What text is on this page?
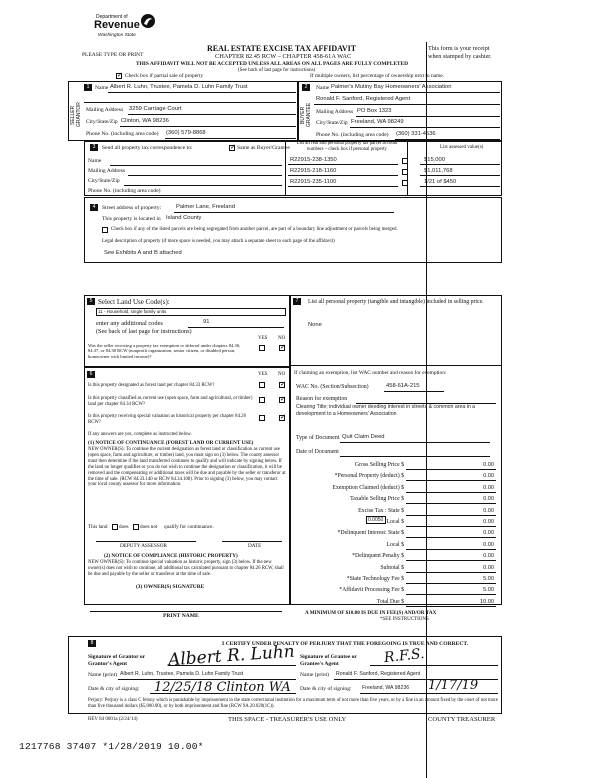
Department of
Revenue
Washington State
PLEASE TYPE OR PRINT
REAL ESTATE EXCISE TAX AFFIDAVIT
CHAPTER 82.45 RCW – CHAPTER 458-61A WAC
THIS AFFIDAVIT WILL NOT BE ACCEPTED UNLESS ALL AREAS ON ALL PAGES ARE FULLY COMPLETED
(See back of last page for instructions)
This form is your receipt
when stamped by cashier.
✓
Check box if partial sale of property	If multiple owners, list percentage of ownership next to name.
1	2
SELLER GRANTOR	BUYER GRANTEE
Name Albert R. Luhn, Trustee, Pamela D. Luhn Family Trust
Mailing Address 3259 Carriage Court
City/State/Zip Clinton, WA 98236
Phone No. (including area code) (360) 579-8868
Name Palmer's Mutiny Bay Homeowners' Association
Ronald F. Sanford, Registered Agent
Mailing Address PO Box 1323
City/State/Zip Freeland, WA 98249
Phone No. (including area code) (360) 331-4536
3	Send all property tax correspondence to:
✓	Same as Buyer/Grantee
List all real and personal property tax parcel account numbers – check box if personal property	List assessed value(s)
Name
Mailing Address
City/State/Zip
Phone No. (including area code)
R22915-238-1350
R22915-218-1160
R22915-235-1100
$15,000
$1,011,768
1/21 of $450
4	Street address of property:	Palmer Lane, Freeland
This property is located in Island County
Check box if any of the listed parcels are being segregated from another parcel, are part of a boundary line adjustment or parcels being merged.
Legal description of property (if more space is needed, you may attach a separate sheet to each page of the affidavit)
See Exhibits A and B attached
5 Select Land Use Code(s):
11 - Household, single family units
enter any additional codes	91
(See back of last page for instructions)
YES NO
Was the seller receiving a property tax exemption or deferral under chapters 84.36, 84.37, or 84.38 RCW (nonprofit organization, senior citizen, or disabled person, homeowner with limited income)?
✓
6	YES NO
Is this property designated as forest land per chapter 84.33 RCW?
✓
Is this property classified as current use (open space, farm and agricultural, or timber) land per chapter 84.34 RCW?
✓
Is this property receiving special valuation as historical property per chapter 84.26 RCW?
✓
If any answers are yes, complete as instructed below.
(1) NOTICE OF CONTINUANCE (FOREST LAND OR CURRENT USE)
NEW OWNER(S): To continue the current designation as forest land or classification as current use (open space, farm and agriculture, or timber) land, you must sign on (3) below. The county assessor must then determine if the land transferred continues to qualify and will indicate by signing below. If the land no longer qualifies or you do not wish to continue the designation or classification, it will be removed and the compensating or additional taxes will be due and payable by the seller or transferor at the time of sale. (RCW 84.33.140 or RCW 84.34.108). Prior to signing (3) below, you may contact your local county assessor for more information.
This land does does not qualify for continuance.
DEPUTY ASSESSOR	DATE
(2) NOTICE OF COMPLIANCE (HISTORIC PROPERTY)
NEW OWNER(S): To continue special valuation as historic property, sign (3) below. If the new owner(s) does not wish to continue, all additional tax calculated pursuant to chapter 84.26 RCW, shall be due and payable by the seller or transferor at the time of sale.
(3) OWNER(S) SIGNATURE
PRINT NAME
7	List all personal property (tangible and intangible) included in selling price.
None
If claiming an exemption, list WAC number and reason for exemption:
WAC No. (Section/Subsection)	458-61A-215
Reason for exemption
Clearing Title; individual owner deeding interest in streets & common area in a development to a Homeowners' Association
Type of Document Quit Claim Deed
Date of Document
Gross Selling Price $	0.00
*Personal Property (deduct) $	0.00
Exemption Claimed (deduct) $	0.00
Taxable Selling Price $	0.00
Excise Tax : State $	0.00
Local $	0.00
*Delinquent Interest: State $	0.00
Local $	0.00
*Delinquent Penalty $	0.00
Subtotal $	0.00
*State Technology Fee $	5.00
*Affidavit Processing Fee $	5.00
Total Due $	10.00
0.0050
A MINIMUM OF $10.00 IS DUE IN FEE(S) AND/OR TAX
*SEE INSTRUCTIONS
8	I CERTIFY UNDER PENALTY OF PERJURY THAT THE FOREGOING IS TRUE AND CORRECT.
Signature of Grantor or Grantor's Agent	Albert R. Luhn Signature of Grantee or Grantee's Agent	R.F.S.
Name (print) Albert R. Luhn, Trustee, Pamela D. Luhn Family Trust	Name (print) Ronald F. Sanford, Registered Agent
Date & city of signing: 12/25/18 Clinton WA Date & city of signing: Freeland, WA 98236 1/17/19
Perjury: Perjury is a class C felony which is punishable by imprisonment in the state correctional institution for a maximum term of not more than five years, or by a fine in an amount fixed by the court of not more than five thousand dollars ($5,000.00), or by both imprisonment and fine (RCW 9A.20.020(1C)).
REV 84 0001a (2/24/14)	THIS SPACE - TREASURER'S USE ONLY	COUNTY TREASURER
1217768 37407 *1/28/2019 10.00*
